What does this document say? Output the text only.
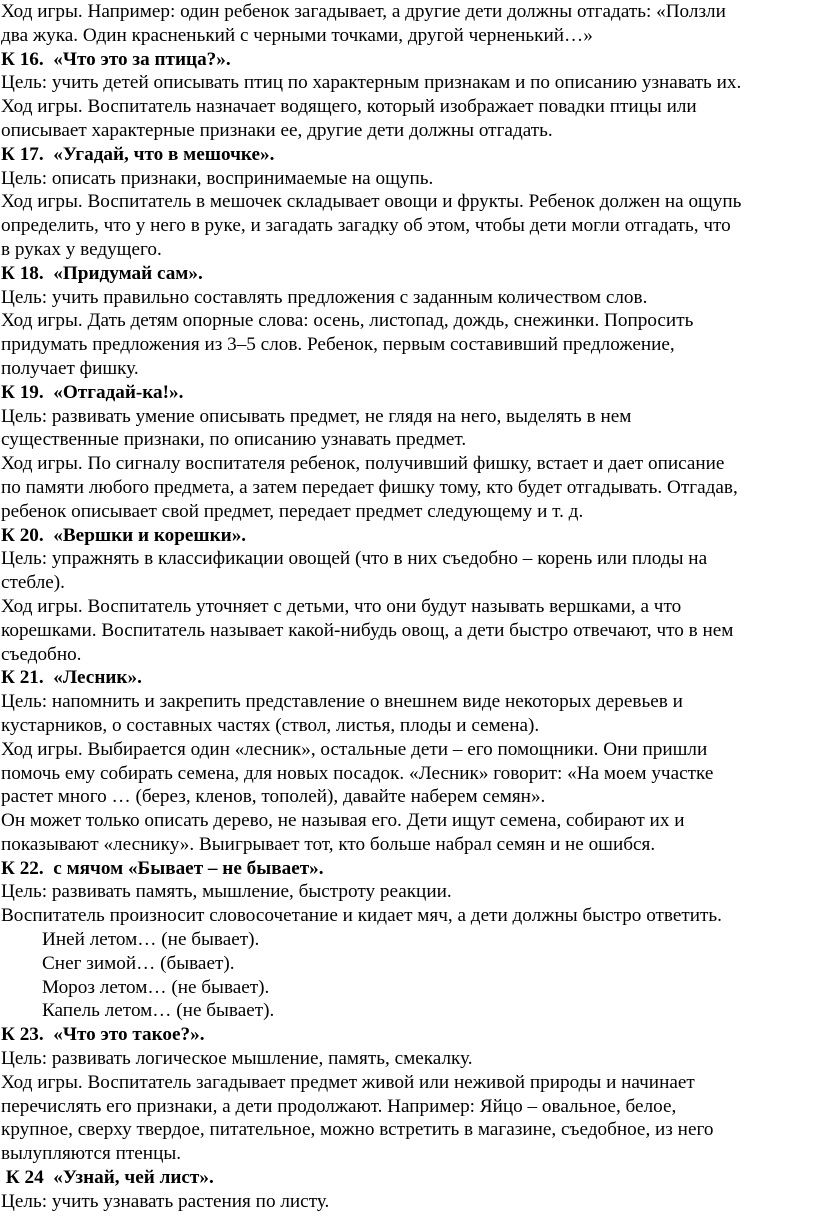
Ход игры. Например: один ребенок загадывает, а другие дети должны отгадать: «Ползли

два жука. Один красненький с черными точками, другой черненький…»

К 16.  «Что это за птица?».

Цель: учить детей описывать птиц по характерным признакам и по описанию узнавать их.

Ход игры. Воспитатель назначает водящего, который изображает повадки птицы или

описывает характерные признаки ее, другие дети должны отгадать.

К 17.  «Угадай, что в мешочке».

Цель: описать признаки, воспринимаемые на ощупь.

Ход игры. Воспитатель в мешочек складывает овощи и фрукты. Ребенок должен на ощупь

определить, что у него в руке, и загадать загадку об этом, чтобы дети могли отгадать, что

в руках у ведущего.

К 18.  «Придумай сам».

Цель: учить правильно составлять предложения с заданным количеством слов.

Ход игры. Дать детям опорные слова: осень, листопад, дождь, снежинки. Попросить

придумать предложения из 3–5 слов. Ребенок, первым составивший предложение,

получает фишку.

К 19.  «Отгадай-ка!».

Цель: развивать умение описывать предмет, не глядя на него, выделять в нем

существенные признаки, по описанию узнавать предмет.

Ход игры. По сигналу воспитателя ребенок, получивший фишку, встает и дает описание

по памяти любого предмета, а затем передает фишку тому, кто будет отгадывать. Отгадав,

ребенок описывает свой предмет, передает предмет следующему и т. д.

К 20.  «Вершки и корешки».

Цель: упражнять в классификации овощей (что в них съедобно – корень или плоды на

стебле).

Ход игры. Воспитатель уточняет с детьми, что они будут называть вершками, а что

корешками. Воспитатель называет какой-нибудь овощ, а дети быстро отвечают, что в нем

съедобно.

К 21.  «Лесник».

Цель: напомнить и закрепить представление о внешнем виде некоторых деревьев и

кустарников, о составных частях (ствол, листья, плоды и семена).

Ход игры. Выбирается один «лесник», остальные дети – его помощники. Они пришли

помочь ему собирать семена, для новых посадок. «Лесник» говорит: «На моем участке

растет много … (берез, кленов, тополей), давайте наберем семян».

Он может только описать дерево, не называя его. Дети ищут семена, собирают их и

показывают «леснику». Выигрывает тот, кто больше набрал семян и не ошибся.

К 22.  с мячом «Бывает – не бывает».

Цель: развивать память, мышление, быстроту реакции.

Воспитатель произносит словосочетание и кидает мяч, а дети должны быстро ответить.

Иней летом… (не бывает).

Снег зимой… (бывает).

Мороз летом… (не бывает).

Капель летом… (не бывает).

К 23.  «Что это такое?».

Цель: развивать логическое мышление, память, смекалку.

Ход игры. Воспитатель загадывает предмет живой или неживой природы и начинает

перечислять его признаки, а дети продолжают. Например: Яйцо – овальное, белое,

крупное, сверху твердое, питательное, можно встретить в магазине, съедобное, из него

вылупляются птенцы.

К 24  «Узнай, чей лист».

Цель: учить узнавать растения по листу.
